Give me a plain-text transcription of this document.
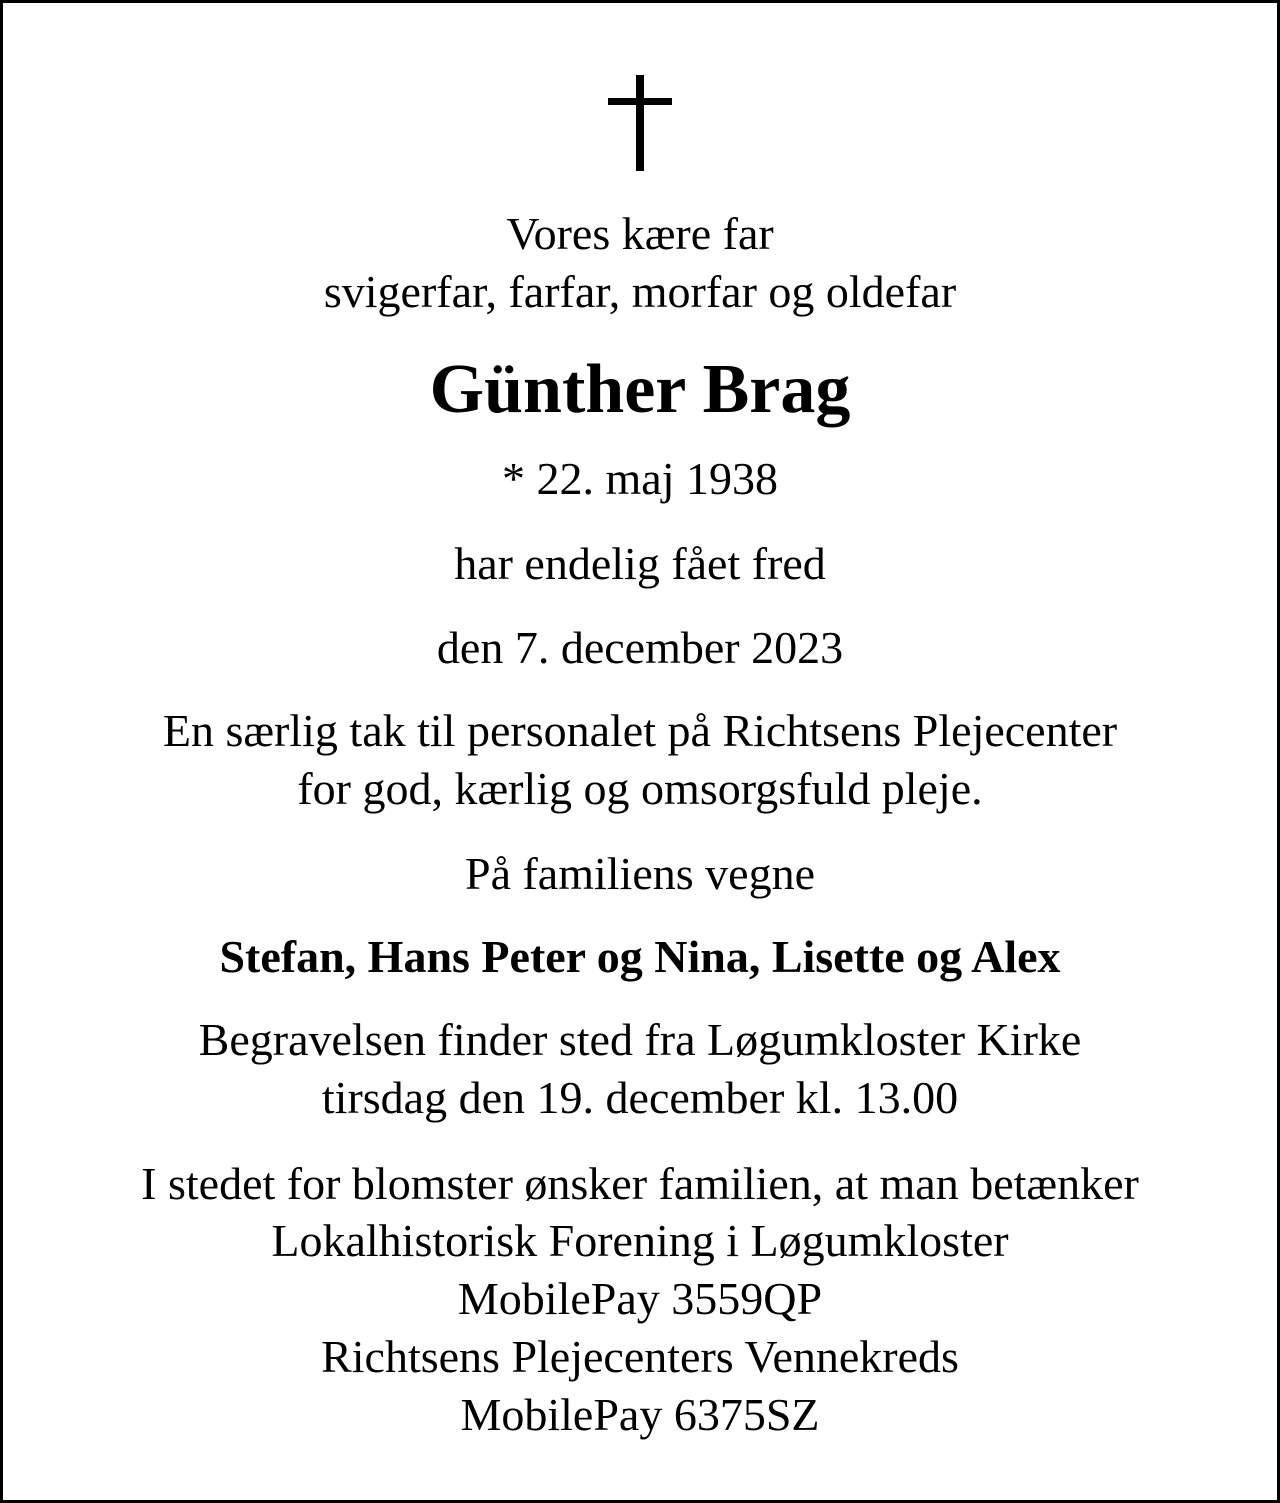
Vores kære far

svigerfar, farfar, morfar og oldefar

Günther Brag

* 22. maj 1938

har endelig fået fred

den 7. december 2023

En særlig tak til personalet på Richtsens Plejecenter

for god, kærlig og omsorgsfuld pleje.

På familiens vegne

Stefan, Hans Peter og Nina, Lisette og Alex

Begravelsen finder sted fra Løgumkloster Kirke

tirsdag den 19. december kl. 13.00

I stedet for blomster ønsker familien, at man betænker

Lokalhistorisk Forening i Løgumkloster

MobilePay 3559QP

Richtsens Plejecenters Vennekreds

MobilePay 6375SZ
